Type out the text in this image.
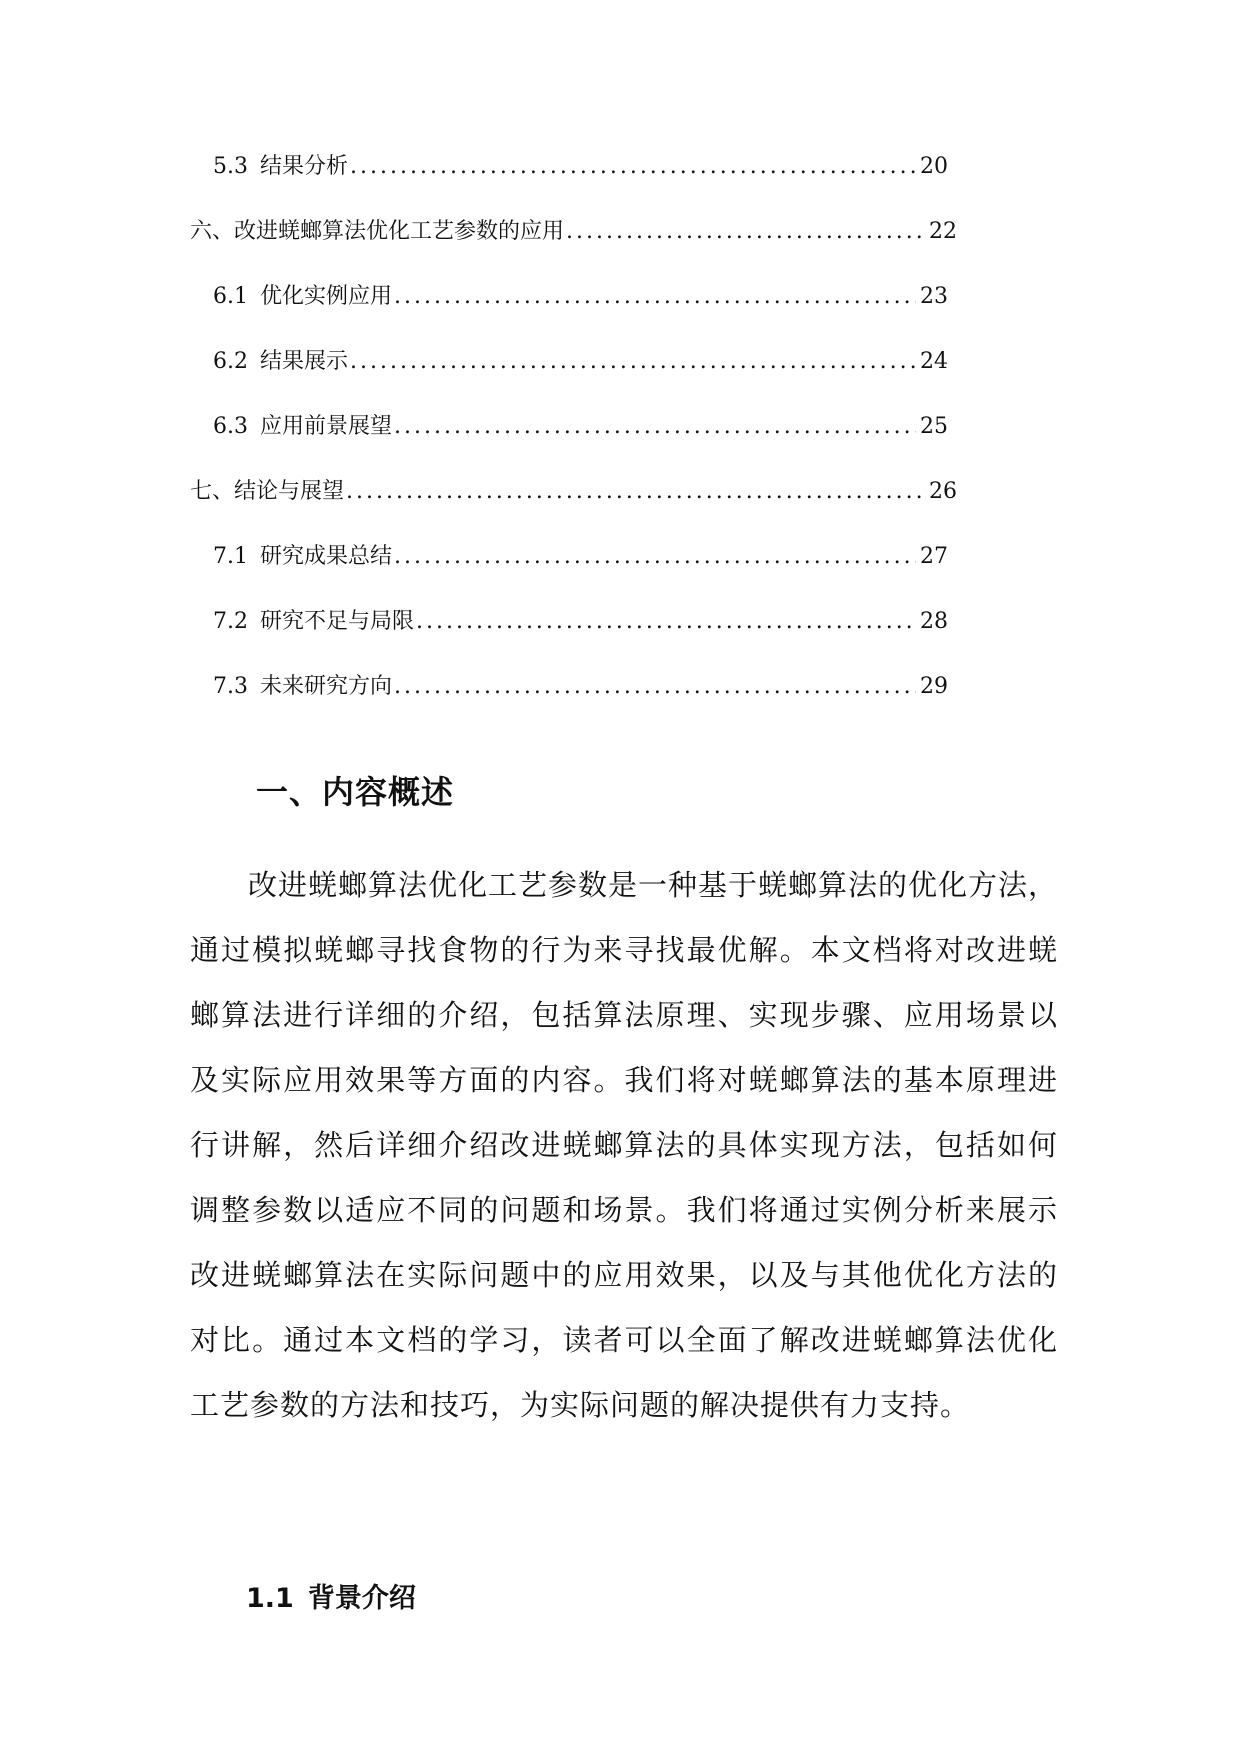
5.3 结果分析 .....	20
六、 改进蜣螂算法优化工艺参数的应用 .....	22
6.1 优化实例应用 .....	23
6.2 结果展示 .....	24
6.3 应用前景展望 .....	25
七、 结论与展望 .....	26
7.1 研究成果总结 .....	27
7.2 研究不足与局限 .....	28
7.3 未来研究方向 .....	29
一、内容概述

改进蜣螂算法优化工艺参数是一种基于蜣螂算法的优化方法，通过模拟蜣螂寻找食物的行为来寻找最优解。本文档将对改进蜣螂算法进行详细的介绍，包括算法原理、实现步骤、应用场景以及实际应用效果等方面的内容。我们将对蜣螂算法的基本原理进行讲解，然后详细介绍改进蜣螂算法的具体实现方法，包括如何调整参数以适应不同的问题和场景。我们将通过实例分析来展示改进蜣螂算法在实际问题中的应用效果，以及与其他优化方法的对比。通过本文档的学习，读者可以全面了解改进蜣螂算法优化工艺参数的方法和技巧，为实际问题的解决提供有力支持。

1.1 背景介绍
